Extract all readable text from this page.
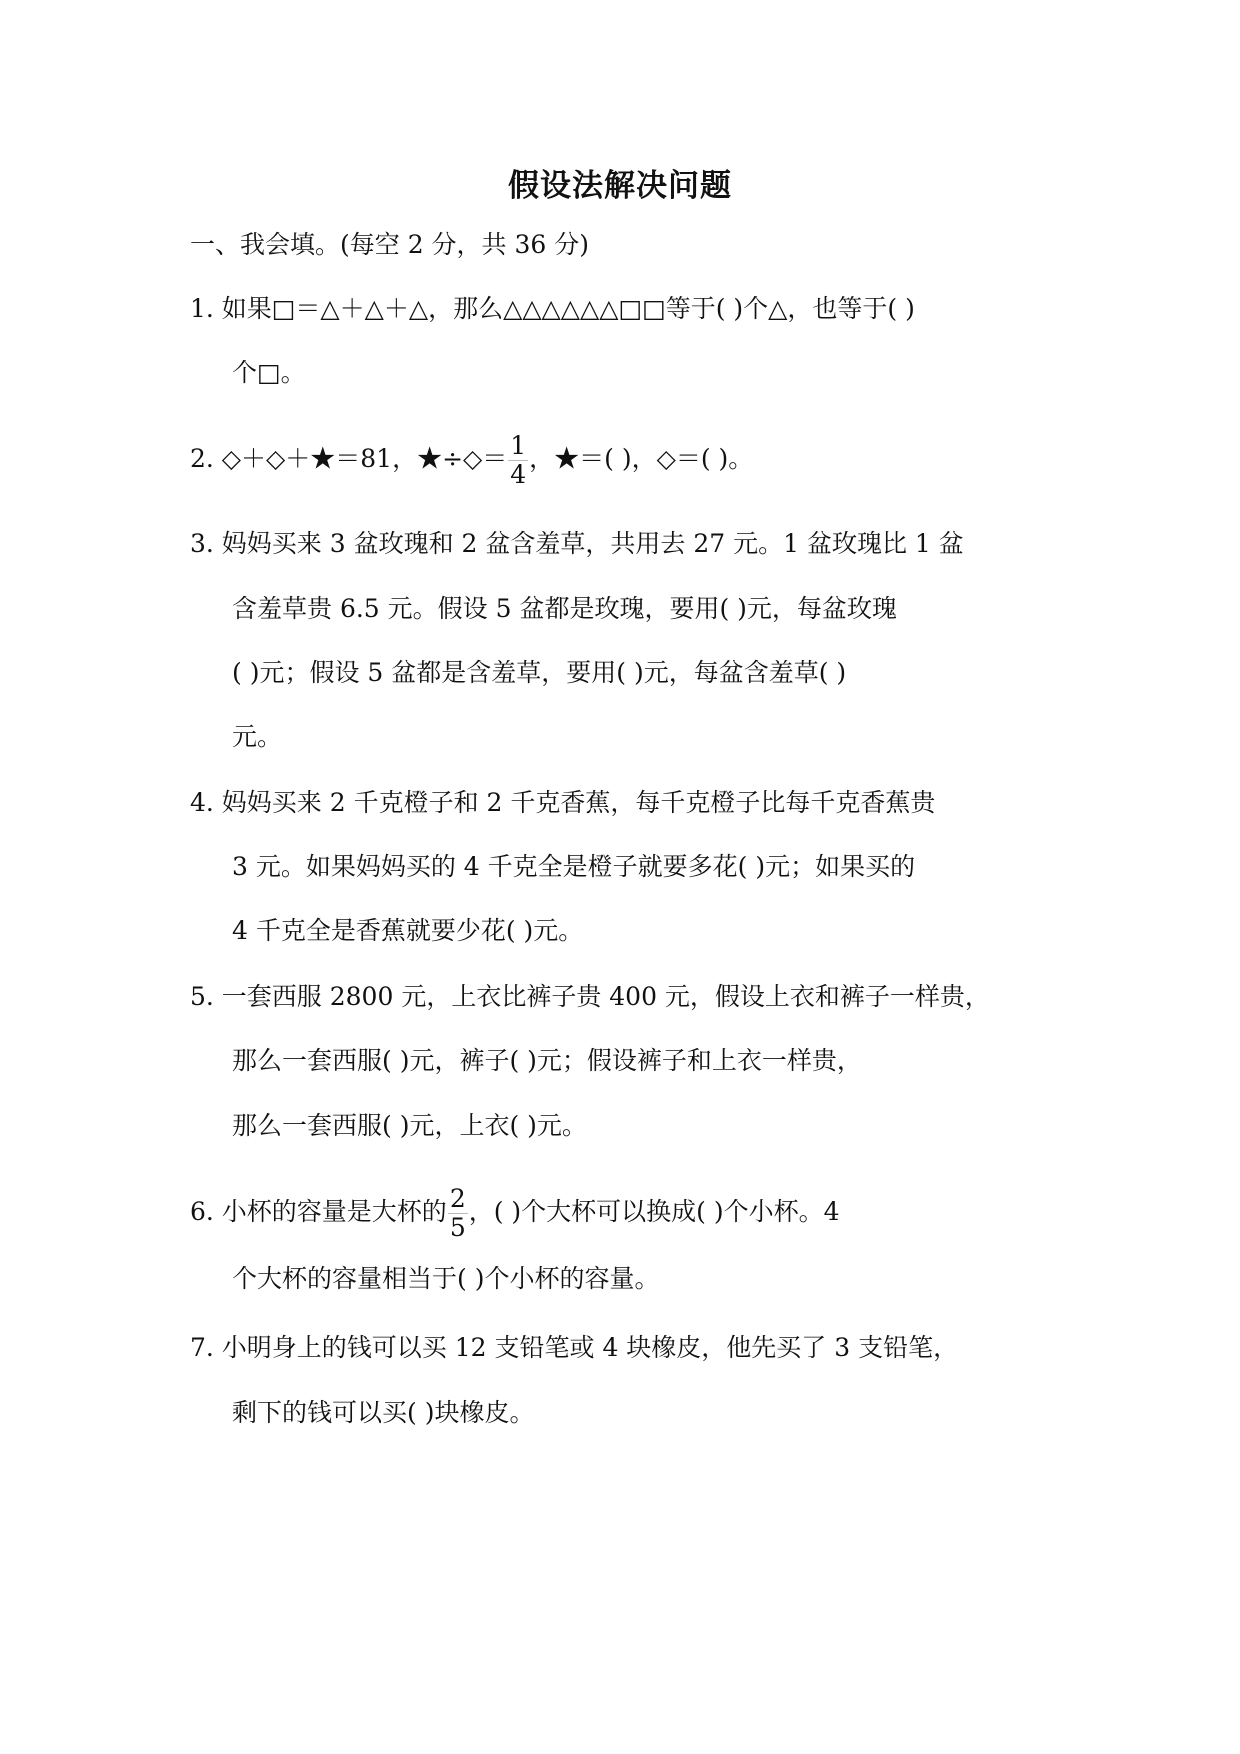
假设法解决问题
一、我会填。(每空 2 分，共 36 分)
1. 如果□＝△＋△＋△，那么△△△△△△□□等于( )个△，也等于( )
个□。
2. ◇＋◇＋★＝81，★÷◇＝ $\frac{1}{4}$ ，★＝( )，◇＝( )。
3. 妈妈买来 3 盆玫瑰和 2 盆含羞草，共用去 27 元。1 盆玫瑰比 1 盆
含羞草贵 6.5 元。假设 5 盆都是玫瑰，要用( )元，每盆玫瑰
( )元；假设 5 盆都是含羞草，要用( )元，每盆含羞草( )
元。
4. 妈妈买来 2 千克橙子和 2 千克香蕉，每千克橙子比每千克香蕉贵
3 元。如果妈妈买的 4 千克全是橙子就要多花( )元；如果买的
4 千克全是香蕉就要少花( )元。
5. 一套西服 2800 元，上衣比裤子贵 400 元，假设上衣和裤子一样贵，
那么一套西服( )元，裤子( )元；假设裤子和上衣一样贵，
那么一套西服( )元，上衣( )元。
6. 小杯的容量是大杯的 $\frac{2}{5}$ ，( )个大杯可以换成( )个小杯。4
个大杯的容量相当于( )个小杯的容量。
7. 小明身上的钱可以买 12 支铅笔或 4 块橡皮，他先买了 3 支铅笔，
剩下的钱可以买( )块橡皮。
